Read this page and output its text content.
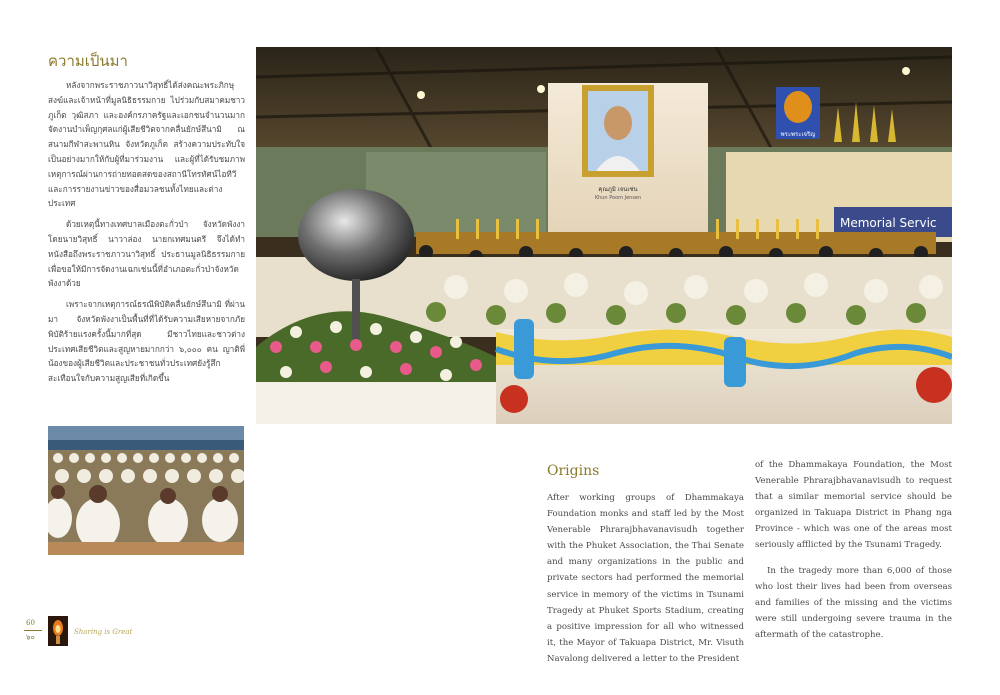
ความเป็นมา

หลังจากพระราชภาวนาวิสุทธิ์ได้ส่งคณะพระภิกษุสงฆ์และเจ้าหน้าที่มูลนิธิธรรมกาย ไปร่วมกับสมาคมชาวภูเก็ต วุฒิสภา และองค์กรภาครัฐและเอกชนจำนวนมาก จัดงานบำเพ็ญกุศลแก่ผู้เสียชีวิตจากคลื่นยักษ์สึนามิ ณ สนามกีฬาสะพานหิน จังหวัดภูเก็ต สร้างความประทับใจเป็นอย่างมากให้กับผู้ที่มาร่วมงาน และผู้ที่ได้รับชมภาพเหตุการณ์ผ่านการถ่ายทอดสดของสถานีโทรทัศน์ไอทีวี และการรายงานข่าวของสื่อมวลชนทั้งไทยและต่างประเทศ

ด้วยเหตุนี้ทางเทศบาลเมืองตะกั่วป่า จังหวัดพังงา โดยนายวิสุทธิ์ นาวาล่อง นายกเทศมนตรี จึงได้ทำหนังสือถึงพระราชภาวนาวิสุทธิ์ ประธานมูลนิธิธรรมกาย เพื่อขอให้มีการจัดงานเฉกเช่นนี้ที่อำเภอตะกั่วป่าจังหวัดพังงาด้วย

เพราะจากเหตุการณ์ธรณีพิบัติคลื่นยักษ์สึนามิ ที่ผ่านมา จังหวัดพังงาเป็นพื้นที่ที่ได้รับความเสียหายจากภัยพิบัติร้ายแรงครั้งนี้มากที่สุด มีชาวไทยและชาวต่างประเทศเสียชีวิตและสูญหายมากกว่า ๖,๐๐๐ คน ญาติพี่น้องของผู้เสียชีวิตและประชาชนทั่วประเทศยังรู้สึกสะเทือนใจกับความสูญเสียที่เกิดขึ้น

พระพระเจริญ
Memorial Servic
คุณภูมิ เจนเซ่น
Khun Poom Jensen
Origins

After working groups of Dhammakaya Foundation monks and staff led by the Most Venerable Phrarajbhavanavisudh together with the Phuket Association, the Thai Senate and many organizations in the public and private sectors had performed the memorial service in memory of the victims in Tsunami Tragedy at Phuket Sports Stadium, creating a positive impression for all who witnessed it, the Mayor of Takuapa District, Mr. Visuth Navalong delivered a letter to the President

of the Dhammakaya Foundation, the Most Venerable Phrarajbhavanavisudh to request that a similar memorial service should be organized in Takuapa District in Phang nga Province - which was one of the areas most seriously afflicted by the Tsunami Tragedy.

In the tragedy more than 6,000 of those who lost their lives had been from overseas and families of the missing and the victims were still undergoing severe trauma in the aftermath of the catastrophe.

60
๖๐
Sharing is Great
